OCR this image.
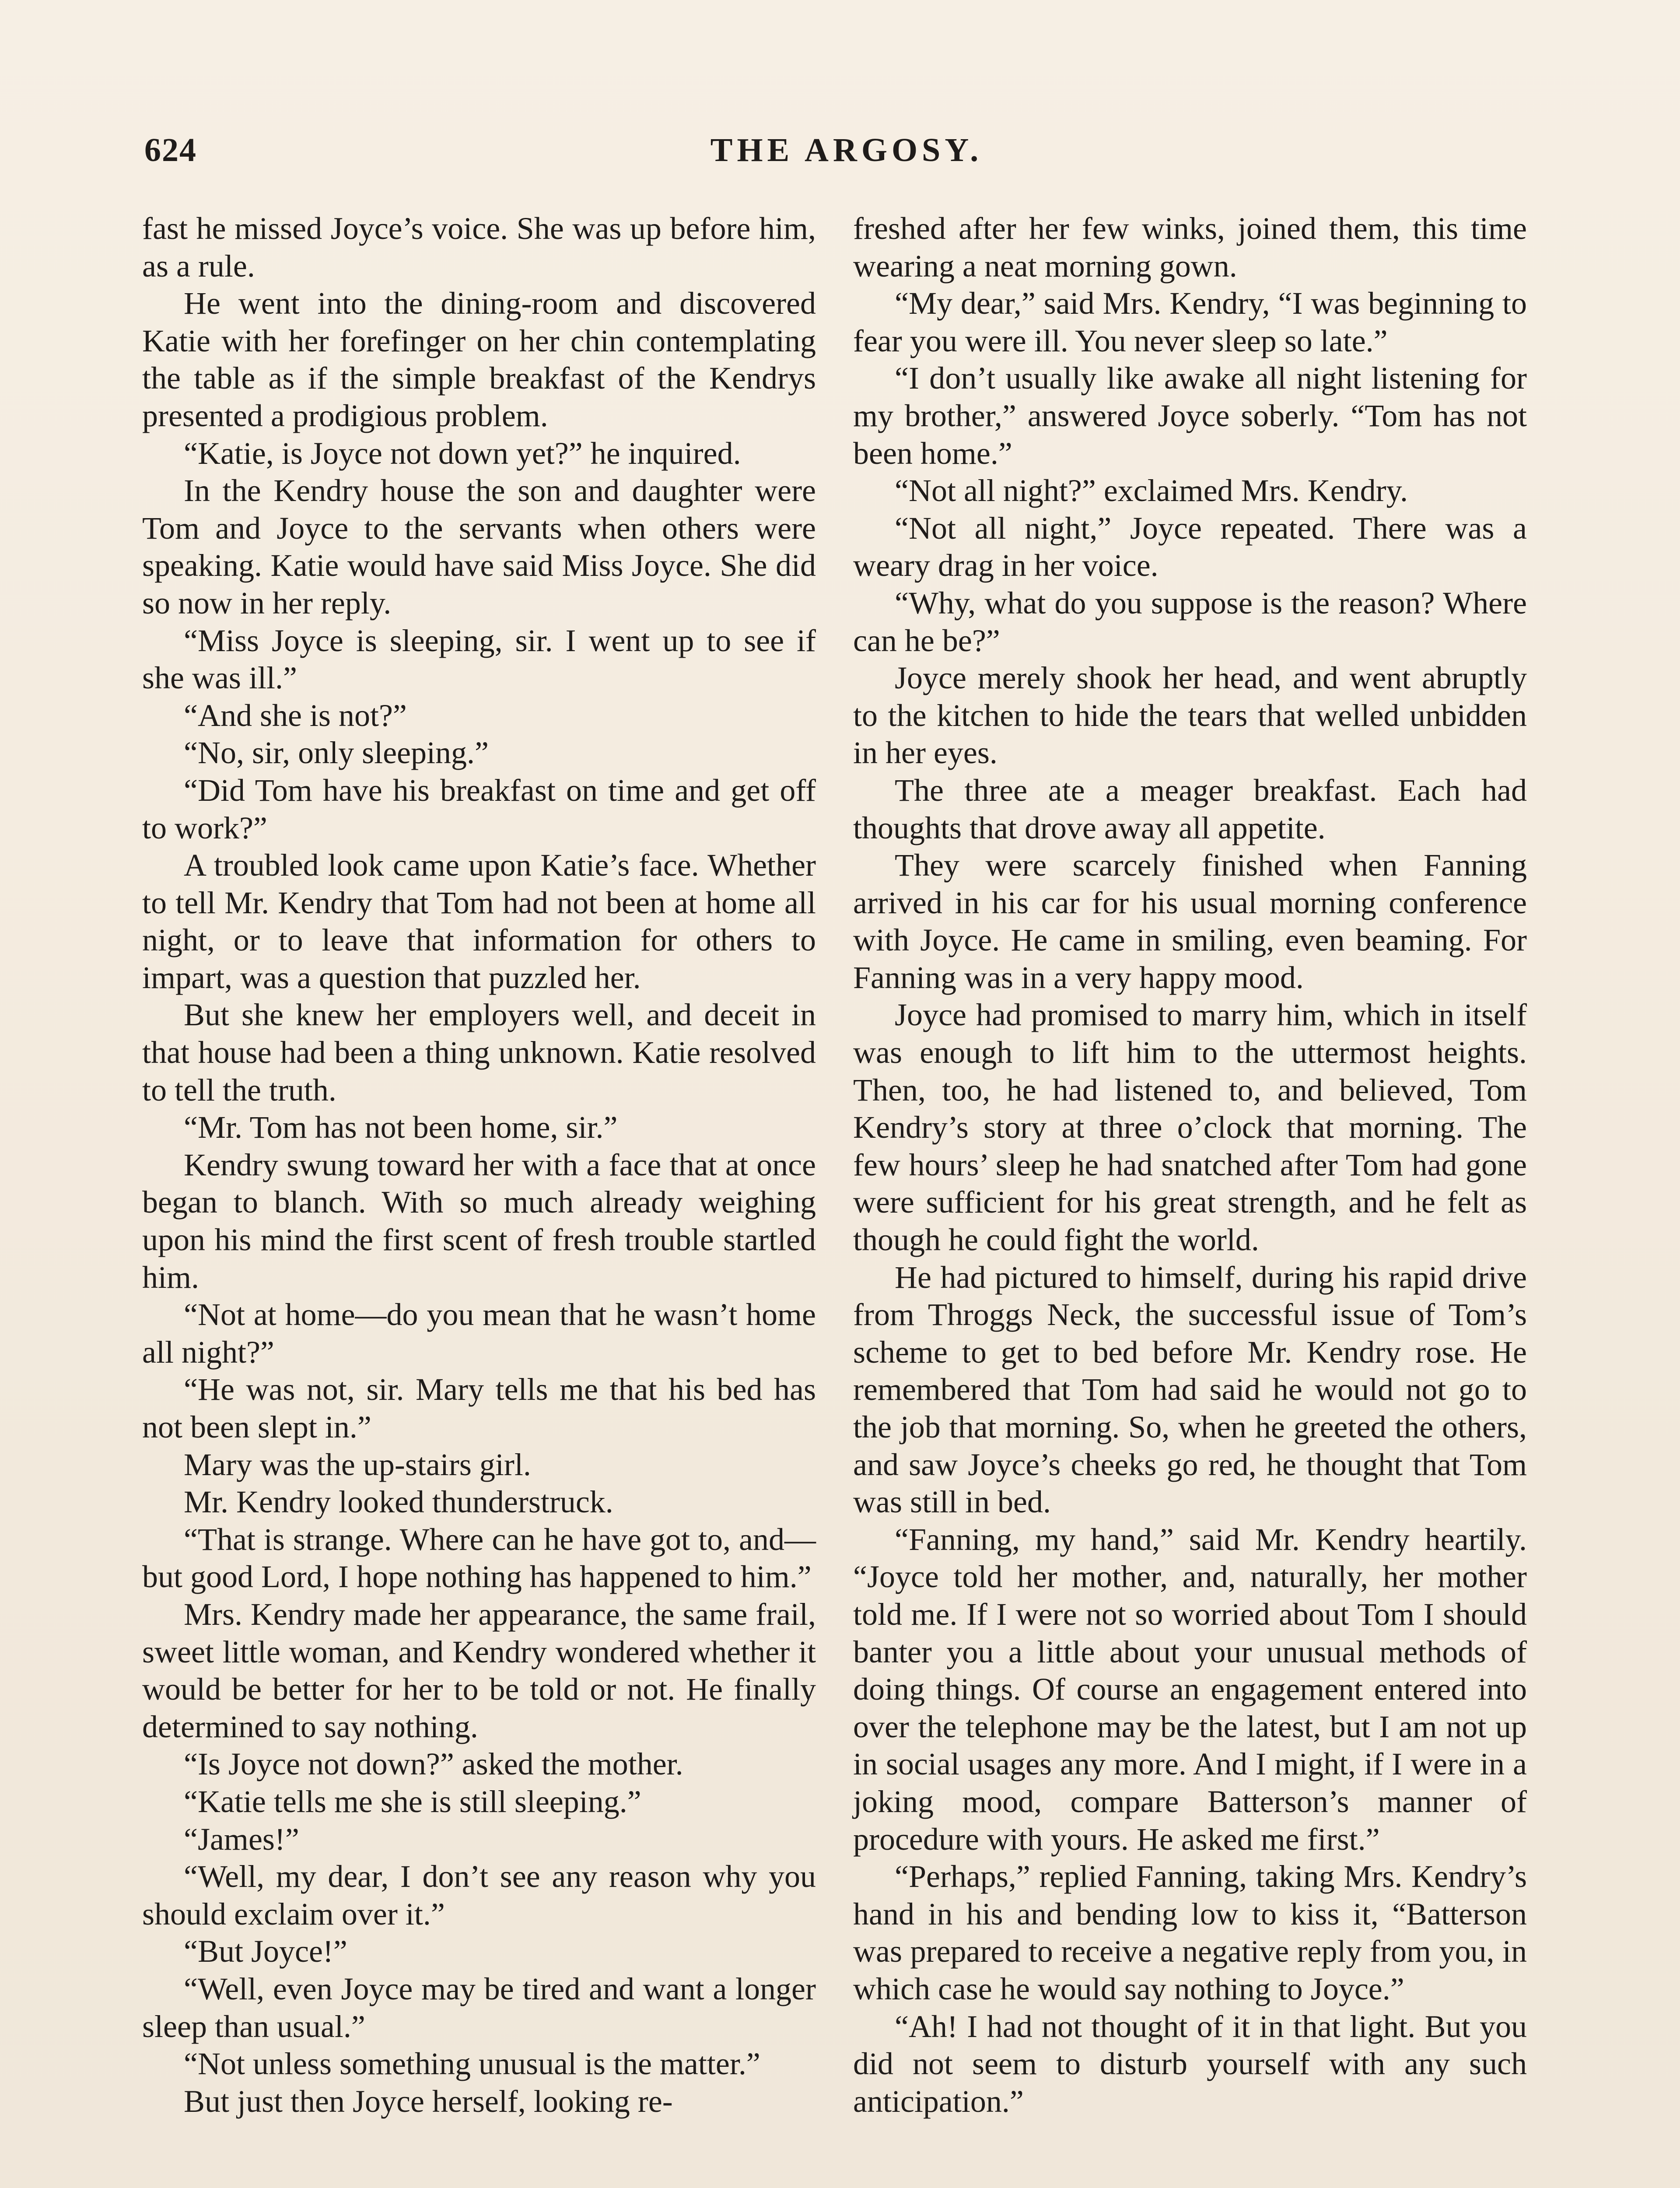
624	THE ARGOSY.

fast he missed Joyce’s voice. She was up before him, as a rule.

He went into the dining-room and discovered Katie with her forefinger on her chin contemplating the table as if the simple breakfast of the Kendrys presented a prodigious problem.

“Katie, is Joyce not down yet?” he inquired.

In the Kendry house the son and daughter were Tom and Joyce to the servants when others were speaking. Katie would have said Miss Joyce. She did so now in her reply.

“Miss Joyce is sleeping, sir. I went up to see if she was ill.”

“And she is not?”

“No, sir, only sleeping.”

“Did Tom have his breakfast on time and get off to work?”

A troubled look came upon Katie’s face. Whether to tell Mr. Kendry that Tom had not been at home all night, or to leave that information for others to impart, was a question that puzzled her.

But she knew her employers well, and deceit in that house had been a thing unknown. Katie resolved to tell the truth.

“Mr. Tom has not been home, sir.”

Kendry swung toward her with a face that at once began to blanch. With so much already weighing upon his mind the first scent of fresh trouble startled him.

“Not at home—do you mean that he wasn’t home all night?”

“He was not, sir. Mary tells me that his bed has not been slept in.”

Mary was the up-stairs girl.

Mr. Kendry looked thunderstruck.

“That is strange. Where can he have got to, and—but good Lord, I hope nothing has happened to him.”

Mrs. Kendry made her appearance, the same frail, sweet little woman, and Kendry wondered whether it would be better for her to be told or not. He finally determined to say nothing.

“Is Joyce not down?” asked the mother.

“Katie tells me she is still sleeping.”

“James!”

“Well, my dear, I don’t see any reason why you should exclaim over it.”

“But Joyce!”

“Well, even Joyce may be tired and want a longer sleep than usual.”

“Not unless something unusual is the matter.”

But just then Joyce herself, looking re-

freshed after her few winks, joined them, this time wearing a neat morning gown.

“My dear,” said Mrs. Kendry, “I was beginning to fear you were ill. You never sleep so late.”

“I don’t usually like awake all night listening for my brother,” answered Joyce soberly. “Tom has not been home.”

“Not all night?” exclaimed Mrs. Kendry.

“Not all night,” Joyce repeated. There was a weary drag in her voice.

“Why, what do you suppose is the reason? Where can he be?”

Joyce merely shook her head, and went abruptly to the kitchen to hide the tears that welled unbidden in her eyes.

The three ate a meager breakfast. Each had thoughts that drove away all appetite.

They were scarcely finished when Fanning arrived in his car for his usual morning conference with Joyce. He came in smiling, even beaming. For Fanning was in a very happy mood.

Joyce had promised to marry him, which in itself was enough to lift him to the uttermost heights. Then, too, he had listened to, and believed, Tom Kendry’s story at three o’clock that morning. The few hours’ sleep he had snatched after Tom had gone were sufficient for his great strength, and he felt as though he could fight the world.

He had pictured to himself, during his rapid drive from Throggs Neck, the successful issue of Tom’s scheme to get to bed before Mr. Kendry rose. He remembered that Tom had said he would not go to the job that morning. So, when he greeted the others, and saw Joyce’s cheeks go red, he thought that Tom was still in bed.

“Fanning, my hand,” said Mr. Kendry heartily. “Joyce told her mother, and, naturally, her mother told me. If I were not so worried about Tom I should banter you a little about your unusual methods of doing things. Of course an engagement entered into over the telephone may be the latest, but I am not up in social usages any more. And I might, if I were in a joking mood, compare Batterson’s manner of procedure with yours. He asked me first.”

“Perhaps,” replied Fanning, taking Mrs. Kendry’s hand in his and bending low to kiss it, “Batterson was prepared to receive a negative reply from you, in which case he would say nothing to Joyce.”

“Ah! I had not thought of it in that light. But you did not seem to disturb yourself with any such anticipation.”
